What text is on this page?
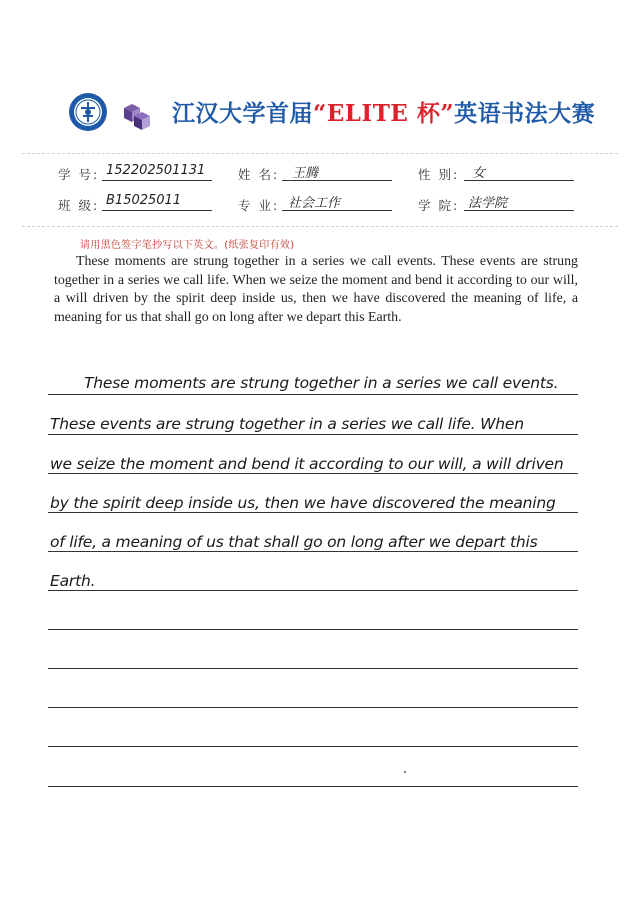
江汉大学首届“ELITE 杯”英语书法大赛
学 号: 152202501131	姓 名: 王腾	性 别: 女
班 级: B15025011	专 业: 社会工作	学 院: 法学院
请用黑色签字笔抄写以下英文。(纸张复印有效)
These moments are strung together in a series we call events. These events are strung together in a series we call life. When we seize the moment and bend it according to our will, a will driven by the spirit deep inside us, then we have discovered the meaning of life, a meaning for us that shall go on long after we depart this Earth.
These moments are strung together in a series we call events.
These events are strung together in a series we call life. When
we seize the moment and bend it according to our will, a will driven
by the spirit deep inside us, then we have discovered the meaning
of life, a meaning of us that shall go on long after we depart this
Earth.
